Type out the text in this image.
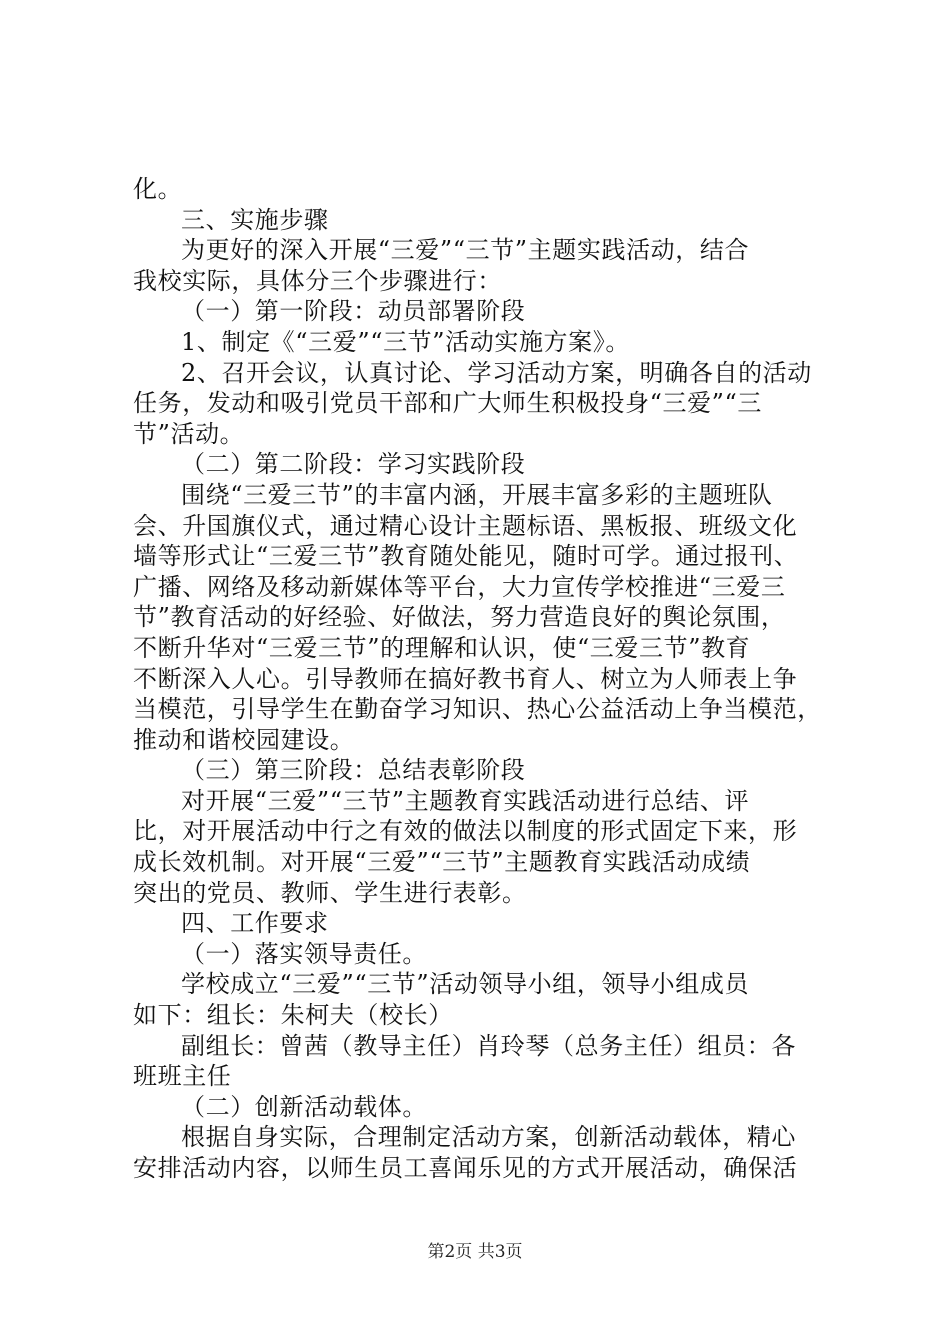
化。
三、实施步骤
为更好的深入开展“三爱”“三节”主题实践活动，结合
我校实际，具体分三个步骤进行：
（一）第一阶段：动员部署阶段
1、制定《“三爱”“三节”活动实施方案》。
2、召开会议，认真讨论、学习活动方案，明确各自的活动
任务，发动和吸引党员干部和广大师生积极投身“三爱”“三
节”活动。
（二）第二阶段：学习实践阶段
围绕“三爱三节”的丰富内涵，开展丰富多彩的主题班队
会、升国旗仪式，通过精心设计主题标语、黑板报、班级文化
墙等形式让“三爱三节”教育随处能见，随时可学。通过报刊、
广播、网络及移动新媒体等平台，大力宣传学校推进“三爱三
节”教育活动的好经验、好做法，努力营造良好的舆论氛围，
不断升华对“三爱三节”的理解和认识，使“三爱三节”教育
不断深入人心。引导教师在搞好教书育人、树立为人师表上争
当模范，引导学生在勤奋学习知识、热心公益活动上争当模范，
推动和谐校园建设。
（三）第三阶段：总结表彰阶段
对开展“三爱”“三节”主题教育实践活动进行总结、评
比，对开展活动中行之有效的做法以制度的形式固定下来，形
成长效机制。对开展“三爱”“三节”主题教育实践活动成绩
突出的党员、教师、学生进行表彰。
四、工作要求
（一）落实领导责任。
学校成立“三爱”“三节”活动领导小组，领导小组成员
如下：组长：朱柯夫（校长）
副组长：曾茜（教导主任）肖玲琴（总务主任）组员：各
班班主任
（二）创新活动载体。
根据自身实际，合理制定活动方案，创新活动载体，精心
安排活动内容，以师生员工喜闻乐见的方式开展活动，确保活
第2页 共3页
